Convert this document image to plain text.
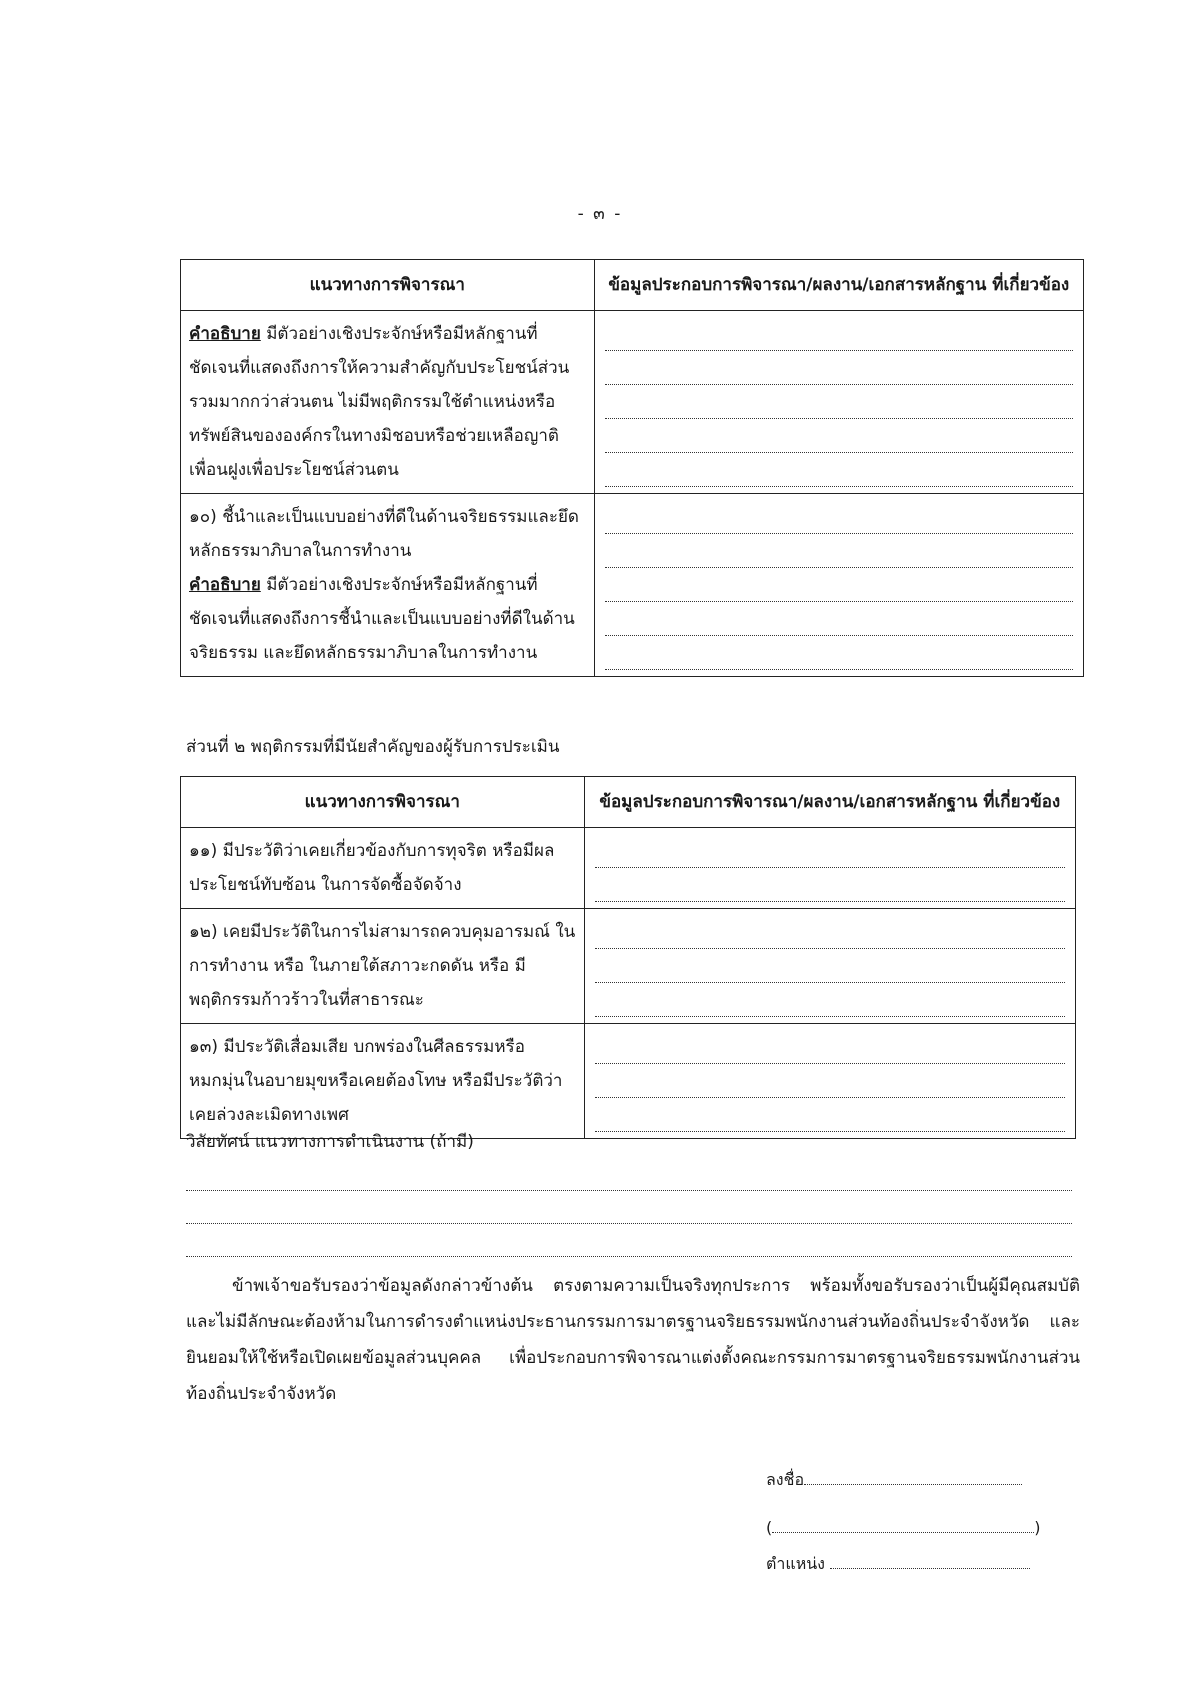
- ๓ -
แนวทางการพิจารณา	ข้อมูลประกอบการพิจารณา/ผลงาน/เอกสารหลักฐาน ที่เกี่ยวข้อง
คำอธิบาย มีตัวอย่างเชิงประจักษ์หรือมีหลักฐานที่ชัดเจนที่แสดงถึงการให้ความสำคัญกับประโยชน์ส่วนรวมมากกว่าส่วนตน ไม่มีพฤติกรรมใช้ตำแหน่งหรือทรัพย์สินขององค์กรในทางมิชอบหรือช่วยเหลือญาติเพื่อนฝูงเพื่อประโยชน์ส่วนตน	

๑๐) ชี้นำและเป็นแบบอย่างที่ดีในด้านจริยธรรมและยึดหลักธรรมาภิบาลในการทำงาน
คำอธิบาย มีตัวอย่างเชิงประจักษ์หรือมีหลักฐานที่ชัดเจนที่แสดงถึงการชี้นำและเป็นแบบอย่างที่ดีในด้านจริยธรรม และยึดหลักธรรมาภิบาลในการทำงาน	
ส่วนที่ ๒ พฤติกรรมที่มีนัยสำคัญของผู้รับการประเมิน
แนวทางการพิจารณา	ข้อมูลประกอบการพิจารณา/ผลงาน/เอกสารหลักฐาน ที่เกี่ยวข้อง
๑๑) มีประวัติว่าเคยเกี่ยวข้องกับการทุจริต หรือมีผลประโยชน์ทับซ้อน ในการจัดซื้อจัดจ้าง	

๑๒) เคยมีประวัติในการไม่สามารถควบคุมอารมณ์ ในการทำงาน หรือ ในภายใต้สภาวะกดดัน หรือ มีพฤติกรรมก้าวร้าวในที่สาธารณะ	

๑๓) มีประวัติเสื่อมเสีย บกพร่องในศีลธรรมหรือหมกมุ่นในอบายมุขหรือเคยต้องโทษ หรือมีประวัติว่าเคยล่วงละเมิดทางเพศ	
วิสัยทัศน์ แนวทางการดำเนินงาน (ถ้ามี)
ข้าพเจ้าขอรับรองว่าข้อมูลดังกล่าวข้างต้น ตรงตามความเป็นจริงทุกประการ พร้อมทั้งขอรับรองว่าเป็นผู้มีคุณสมบัติและไม่มีลักษณะต้องห้ามในการดำรงตำแหน่งประธานกรรมการมาตรฐานจริยธรรมพนักงานส่วนท้องถิ่นประจำจังหวัด และยินยอมให้ใช้หรือเปิดเผยข้อมูลส่วนบุคคล เพื่อประกอบการพิจารณาแต่งตั้งคณะกรรมการมาตรฐานจริยธรรมพนักงานส่วนท้องถิ่นประจำจังหวัด
ลงชื่อ
(	)
ตำแหน่ง
